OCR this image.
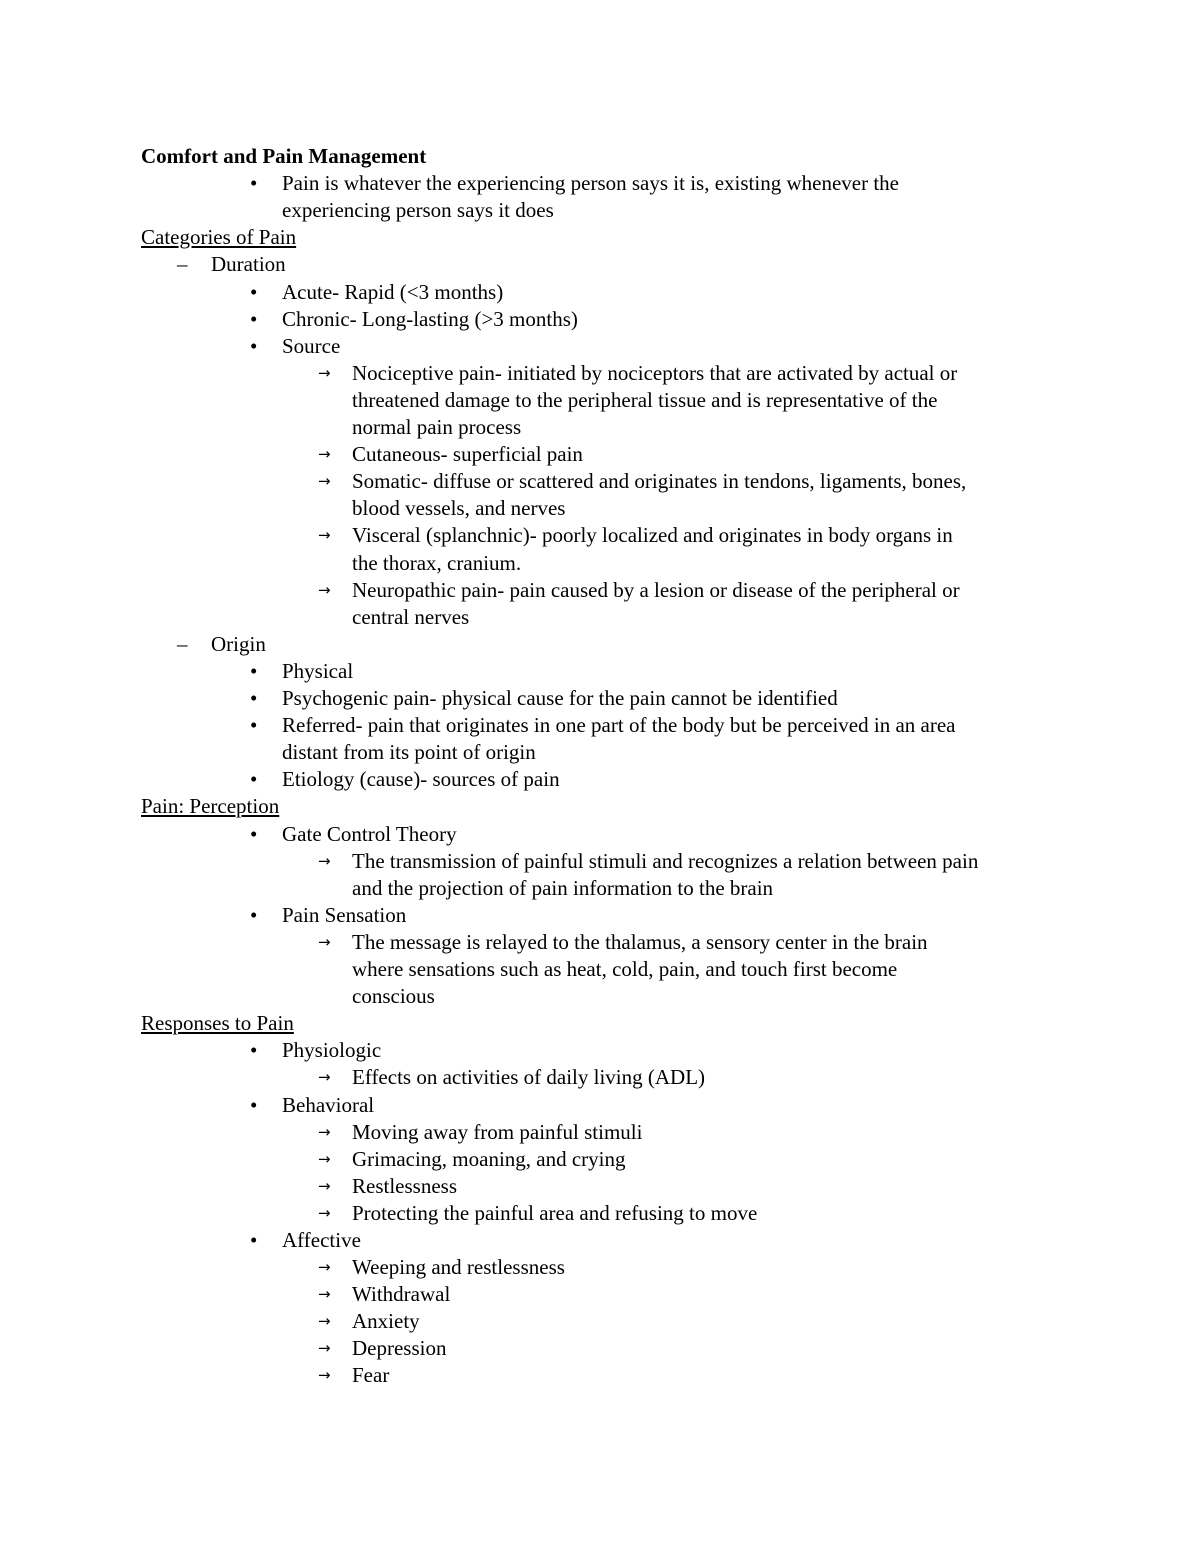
Comfort and Pain Management
• Pain is whatever the experiencing person says it is, existing whenever the
experiencing person says it does
Categories of Pain
– Duration
• Acute- Rapid (<3 months)
• Chronic- Long-lasting (>3 months)
• Source
→ Nociceptive pain- initiated by nociceptors that are activated by actual or
threatened damage to the peripheral tissue and is representative of the
normal pain process
→ Cutaneous- superficial pain
→ Somatic- diffuse or scattered and originates in tendons, ligaments, bones,
blood vessels, and nerves
→ Visceral (splanchnic)- poorly localized and originates in body organs in
the thorax, cranium.
→ Neuropathic pain- pain caused by a lesion or disease of the peripheral or
central nerves
– Origin
• Physical
• Psychogenic pain- physical cause for the pain cannot be identified
• Referred- pain that originates in one part of the body but be perceived in an area
distant from its point of origin
• Etiology (cause)- sources of pain
Pain: Perception
• Gate Control Theory
→ The transmission of painful stimuli and recognizes a relation between pain
and the projection of pain information to the brain
• Pain Sensation
→ The message is relayed to the thalamus, a sensory center in the brain
where sensations such as heat, cold, pain, and touch first become
conscious
Responses to Pain
• Physiologic
→ Effects on activities of daily living (ADL)
• Behavioral
→ Moving away from painful stimuli
→ Grimacing, moaning, and crying
→ Restlessness
→ Protecting the painful area and refusing to move
• Affective
→ Weeping and restlessness
→ Withdrawal
→ Anxiety
→ Depression
→ Fear
